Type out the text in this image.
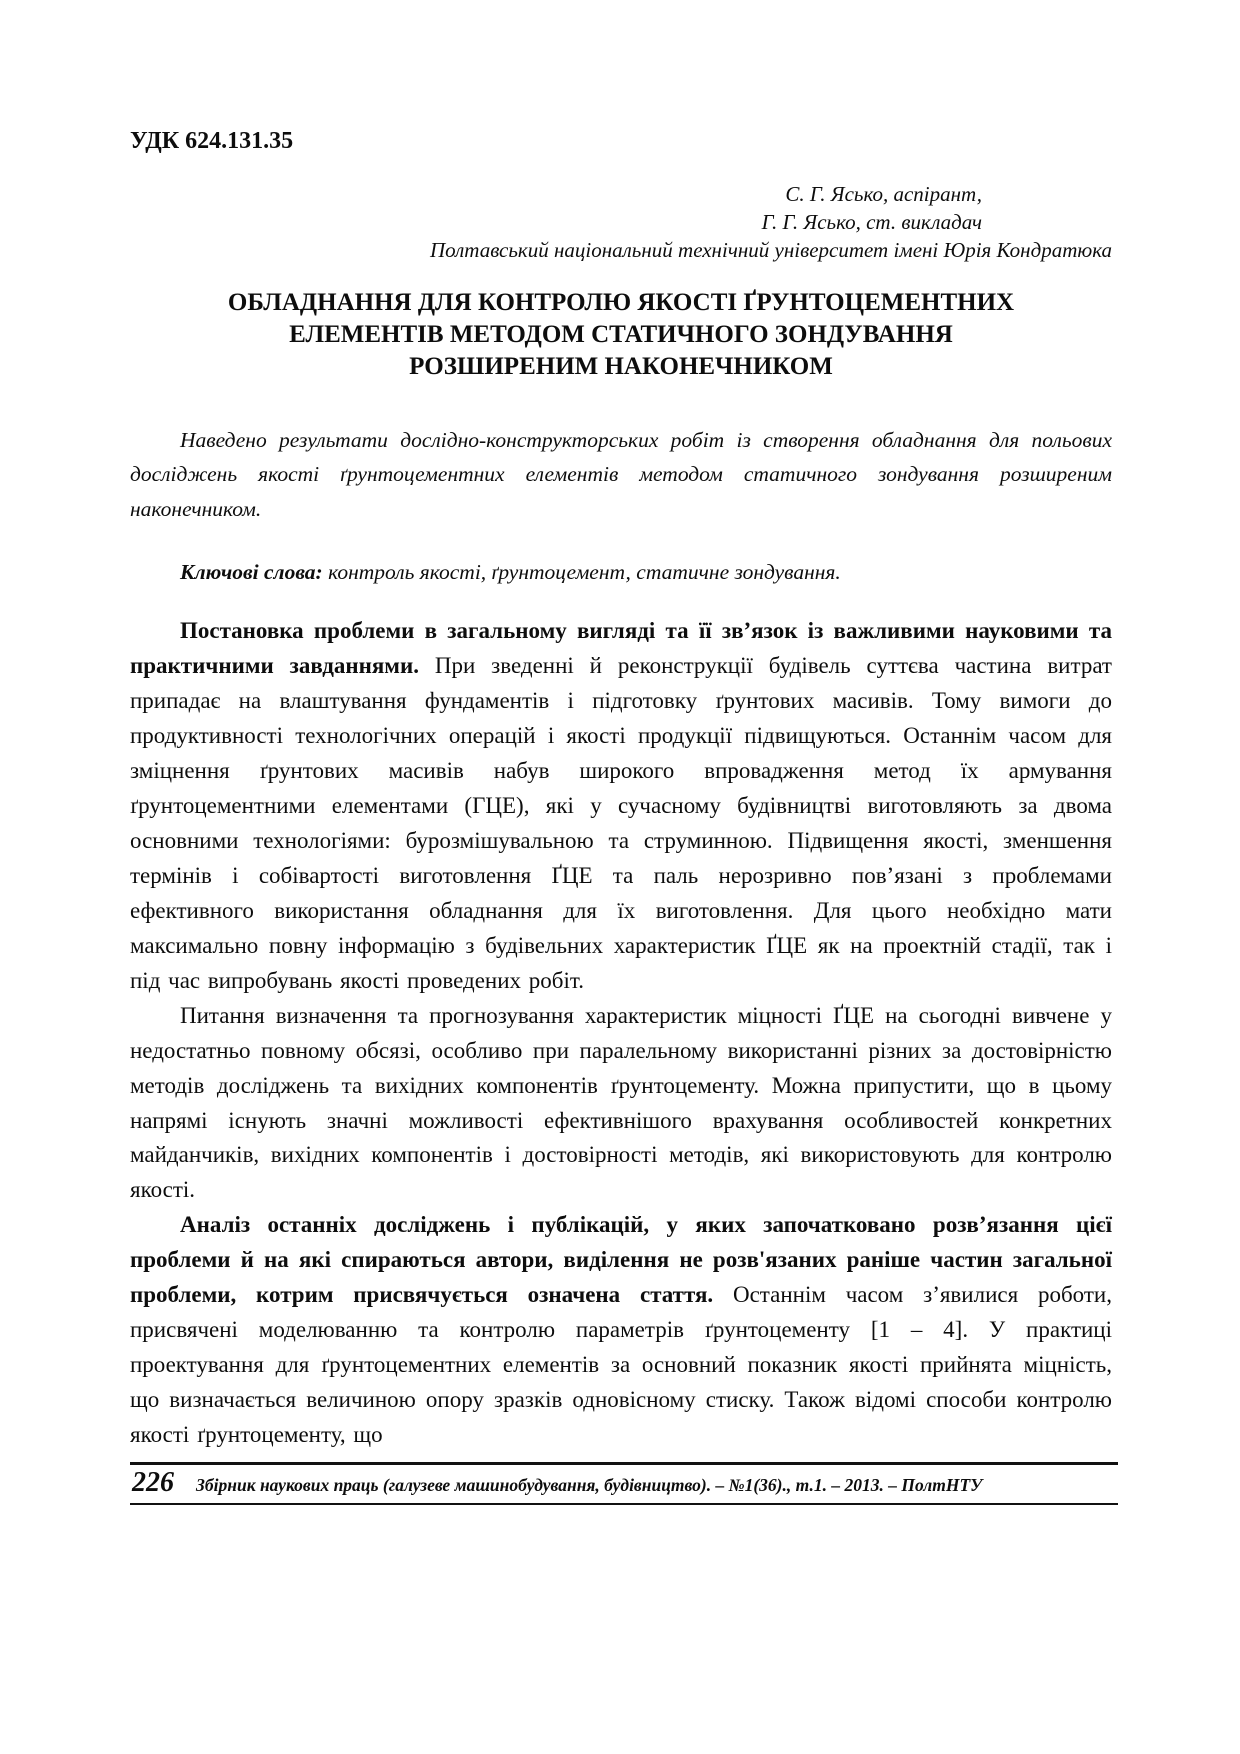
УДК 624.131.35
С. Г. Ясько, аспірант,
Г. Г. Ясько, ст. викладач
Полтавський національний технічний університет імені Юрія Кондратюка
ОБЛАДНАННЯ ДЛЯ КОНТРОЛЮ ЯКОСТІ ҐРУНТОЦЕМЕНТНИХ
ЕЛЕМЕНТІВ МЕТОДОМ СТАТИЧНОГО ЗОНДУВАННЯ
РОЗШИРЕНИМ НАКОНЕЧНИКОМ
Наведено результати дослідно-конструкторських робіт із створення обладнання для польових досліджень якості ґрунтоцементних елементів методом статичного зондування розширеним наконечником.
Ключові слова: контроль якості, ґрунтоцемент, статичне зондування.

Постановка проблеми в загальному вигляді та її зв’язок із важливими науковими та практичними завданнями. При зведенні й реконструкції будівель суттєва частина витрат припадає на влаштування фундаментів і підготовку ґрунтових масивів. Тому вимоги до продуктивності технологічних операцій і якості продукції підвищуються. Останнім часом для зміцнення ґрунтових масивів набув широкого впровадження метод їх армування ґрунтоцементними елементами (ГЦЕ), які у сучасному будівництві виготовляють за двома основними технологіями: бурозмішувальною та струминною. Підвищення якості, зменшення термінів і собівартості виготовлення ҐЦЕ та паль нерозривно пов’язані з проблемами ефективного використання обладнання для їх виготовлення. Для цього необхідно мати максимально повну інформацію з будівельних характеристик ҐЦЕ як на проектній стадії, так і під час випробувань якості проведених робіт.

Питання визначення та прогнозування характеристик міцності ҐЦЕ на сьогодні вивчене у недостатньо повному обсязі, особливо при паралельному використанні різних за достовірністю методів досліджень та вихідних компонентів ґрунтоцементу. Можна припустити, що в цьому напрямі існують значні можливості ефективнішого врахування особливостей конкретних майданчиків, вихідних компонентів і достовірності методів, які використовують для контролю якості.

Аналіз останніх досліджень і публікацій, у яких започатковано розв’язання цієї проблеми й на які спираються автори, виділення не розв'язаних раніше частин загальної проблеми, котрим присвячується означена стаття. Останнім часом з’явилися роботи, присвячені моделюванню та контролю параметрів ґрунтоцементу [1 – 4]. У практиці проектування для ґрунтоцементних елементів за основний показник якості прийнята міцність, що визначається величиною опору зразків одновісному стиску. Також відомі способи контролю якості ґрунтоцементу, що

226 Збірник наукових праць (галузеве машинобудування, будівництво). – №1(36)., т.1. – 2013. – ПолтНТУ
